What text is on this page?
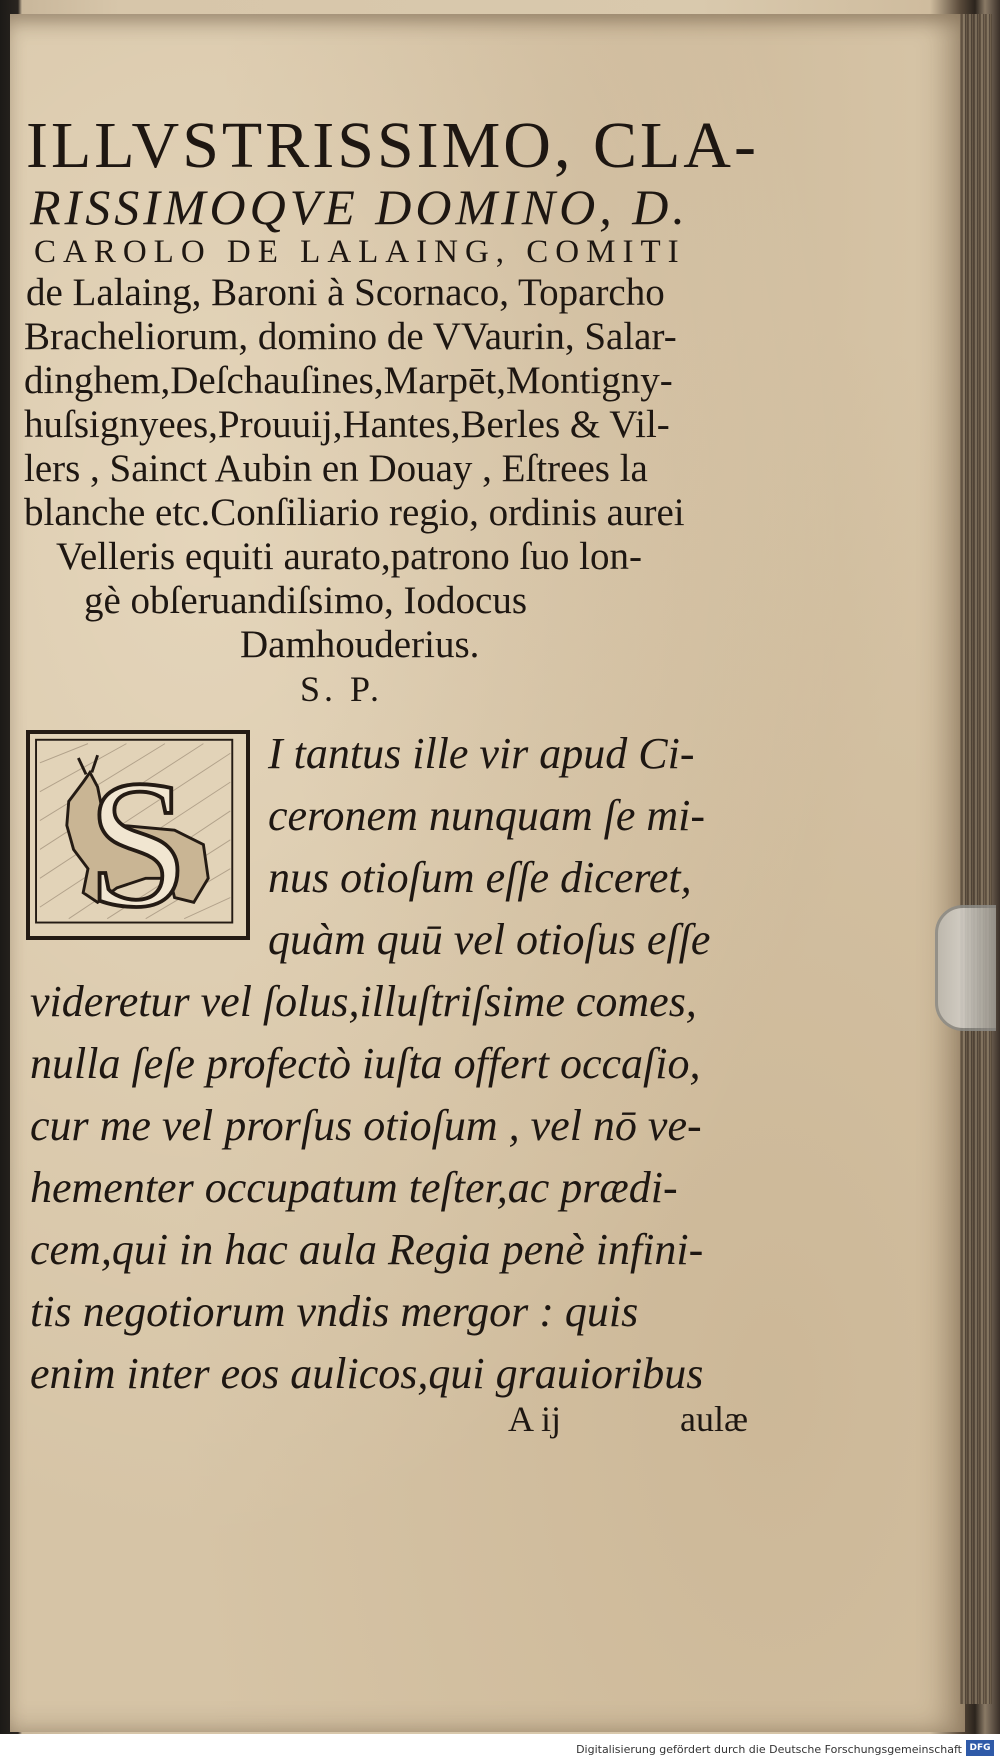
ILLVSTRISSIMO, CLA-
RISSIMOQVE DOMINO, D.
CAROLO DE LALAING, COMITI
de Lalaing, Baroni à Scornaco, Toparcho
Bracheliorum, domino de VVaurin, Salar-
dinghem,Deſchauſines,Marpēt,Montigny-
huſsignyees,Prouuij,Hantes,Berles & Vil-
lers , Sainct Aubin en Douay , Eſtrees la
blanche etc.Conſiliario regio, ordinis aurei
Velleris equiti aurato,patrono ſuo lon-
gè obſeruandiſsimo, Iodocus
Damhouderius.
S. P.
S I tantus ille vir apud Ci-
ceronem nunquam ſe mi-
nus otioſum eſſe diceret,
quàm quū vel otioſus eſſe
videretur vel ſolus,illuſtriſsime comes,
nulla ſeſe profectò iuſta offert occaſio,
cur me vel prorſus otioſum , vel nō ve-
hementer occupatum teſter,ac prædi-
cem,qui in hac aula Regia penè infini-
tis negotiorum vndis mergor : quis
enim inter eos aulicos,qui grauioribus
A ij	aulæ
Digitalisierung gefördert durch die Deutsche Forschungsgemeinschaft DFG
